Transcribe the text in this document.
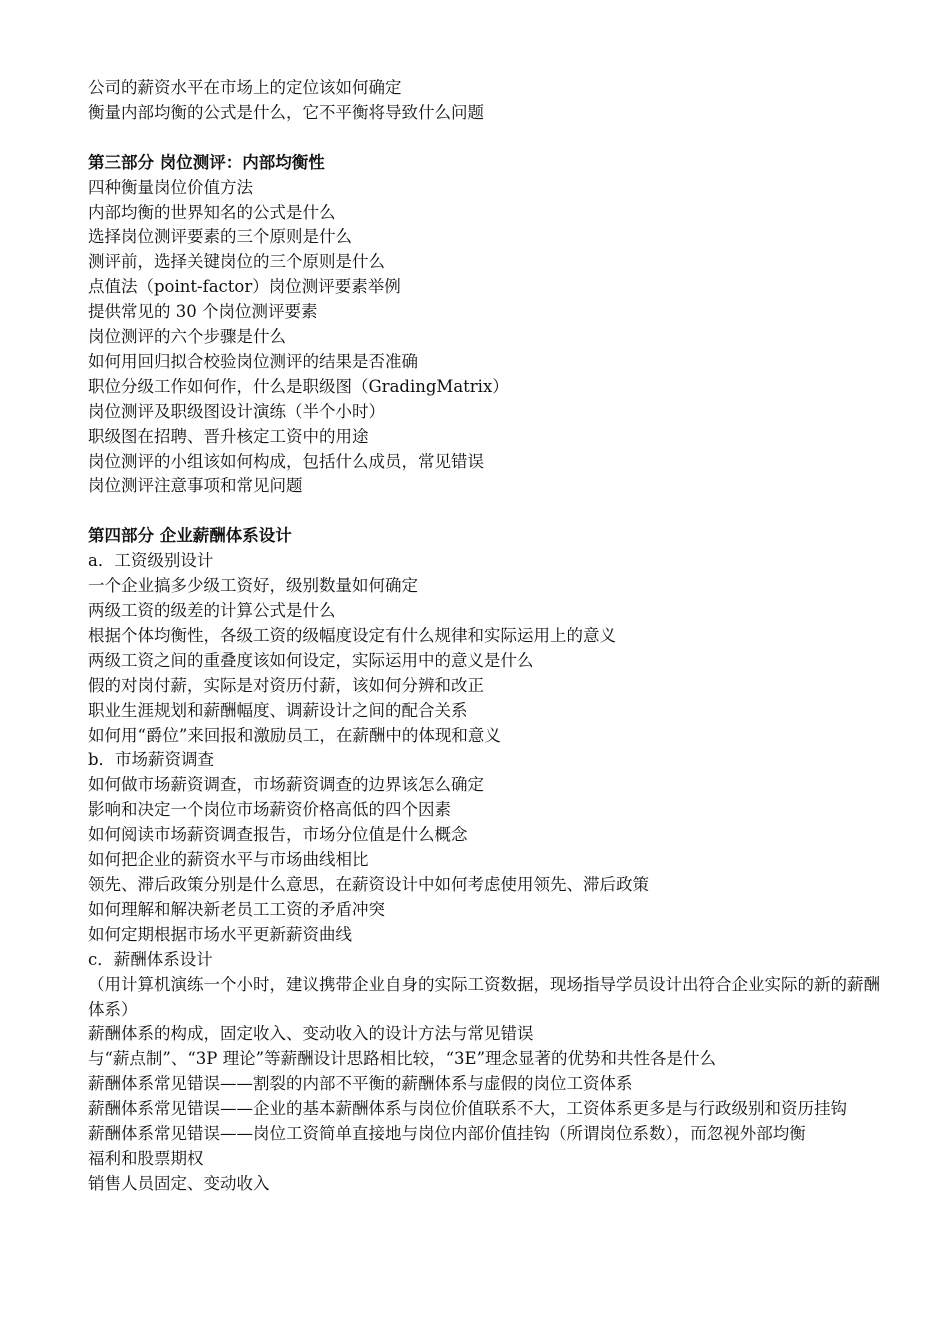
公司的薪资水平在市场上的定位该如何确定
衡量内部均衡的公式是什么，它不平衡将导致什么问题
第三部分 岗位测评：内部均衡性
四种衡量岗位价值方法
内部均衡的世界知名的公式是什么
选择岗位测评要素的三个原则是什么
测评前，选择关键岗位的三个原则是什么
点值法（point-factor）岗位测评要素举例
提供常见的 30 个岗位测评要素
岗位测评的六个步骤是什么
如何用回归拟合校验岗位测评的结果是否准确
职位分级工作如何作，什么是职级图（GradingMatrix）
岗位测评及职级图设计演练（半个小时）
职级图在招聘、晋升核定工资中的用途
岗位测评的小组该如何构成，包括什么成员，常见错误
岗位测评注意事项和常见问题
第四部分 企业薪酬体系设计
a．工资级别设计
一个企业搞多少级工资好，级别数量如何确定
两级工资的级差的计算公式是什么
根据个体均衡性，各级工资的级幅度设定有什么规律和实际运用上的意义
两级工资之间的重叠度该如何设定，实际运用中的意义是什么
假的对岗付薪，实际是对资历付薪，该如何分辨和改正
职业生涯规划和薪酬幅度、调薪设计之间的配合关系
如何用“爵位”来回报和激励员工，在薪酬中的体现和意义
b．市场薪资调查
如何做市场薪资调查，市场薪资调查的边界该怎么确定
影响和决定一个岗位市场薪资价格高低的四个因素
如何阅读市场薪资调查报告，市场分位值是什么概念
如何把企业的薪资水平与市场曲线相比
领先、滞后政策分别是什么意思，在薪资设计中如何考虑使用领先、滞后政策
如何理解和解决新老员工工资的矛盾冲突
如何定期根据市场水平更新薪资曲线
c．薪酬体系设计
（用计算机演练一个小时，建议携带企业自身的实际工资数据，现场指导学员设计出符合企业实际的新的薪酬体系）
薪酬体系的构成，固定收入、变动收入的设计方法与常见错误
与“薪点制”、“3P 理论”等薪酬设计思路相比较，“3E”理念显著的优势和共性各是什么
薪酬体系常见错误——割裂的内部不平衡的薪酬体系与虚假的岗位工资体系
薪酬体系常见错误——企业的基本薪酬体系与岗位价值联系不大，工资体系更多是与行政级别和资历挂钩
薪酬体系常见错误——岗位工资简单直接地与岗位内部价值挂钩（所谓岗位系数），而忽视外部均衡
福利和股票期权
销售人员固定、变动收入
